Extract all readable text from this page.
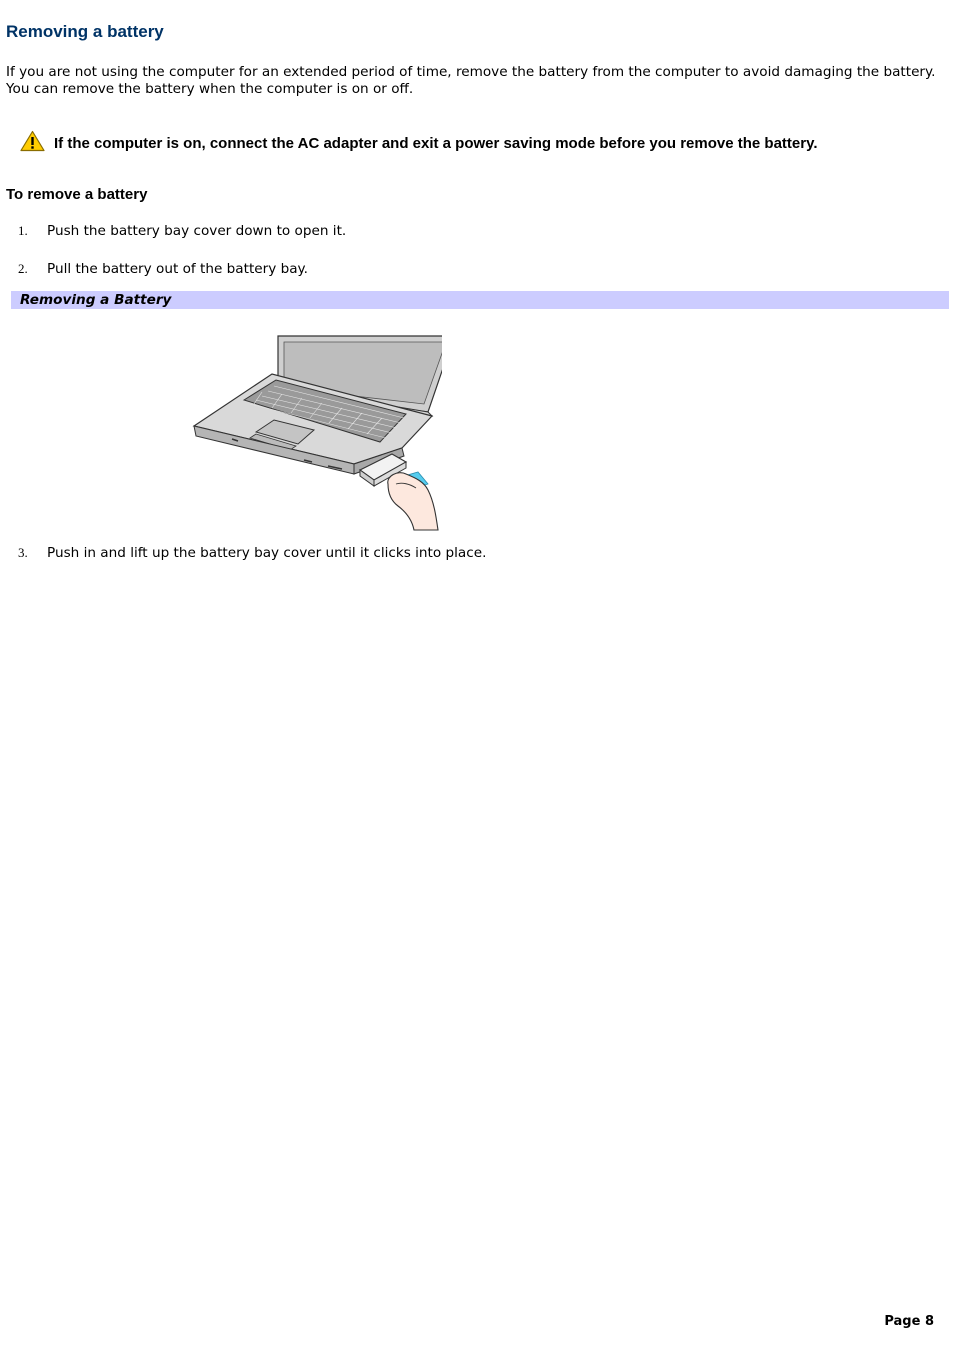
Removing a battery

If you are not using the computer for an extended period of time, remove the battery from the computer to avoid damaging the battery. You can remove the battery when the computer is on or off.

If the computer is on, connect the AC adapter and exit a power saving mode before you remove the battery.
To remove a battery
1.	Push the battery bay cover down to open it.
2.	Pull the battery out of the battery bay.
Removing a Battery
3.	Push in and lift up the battery bay cover until it clicks into place.
Page 8
